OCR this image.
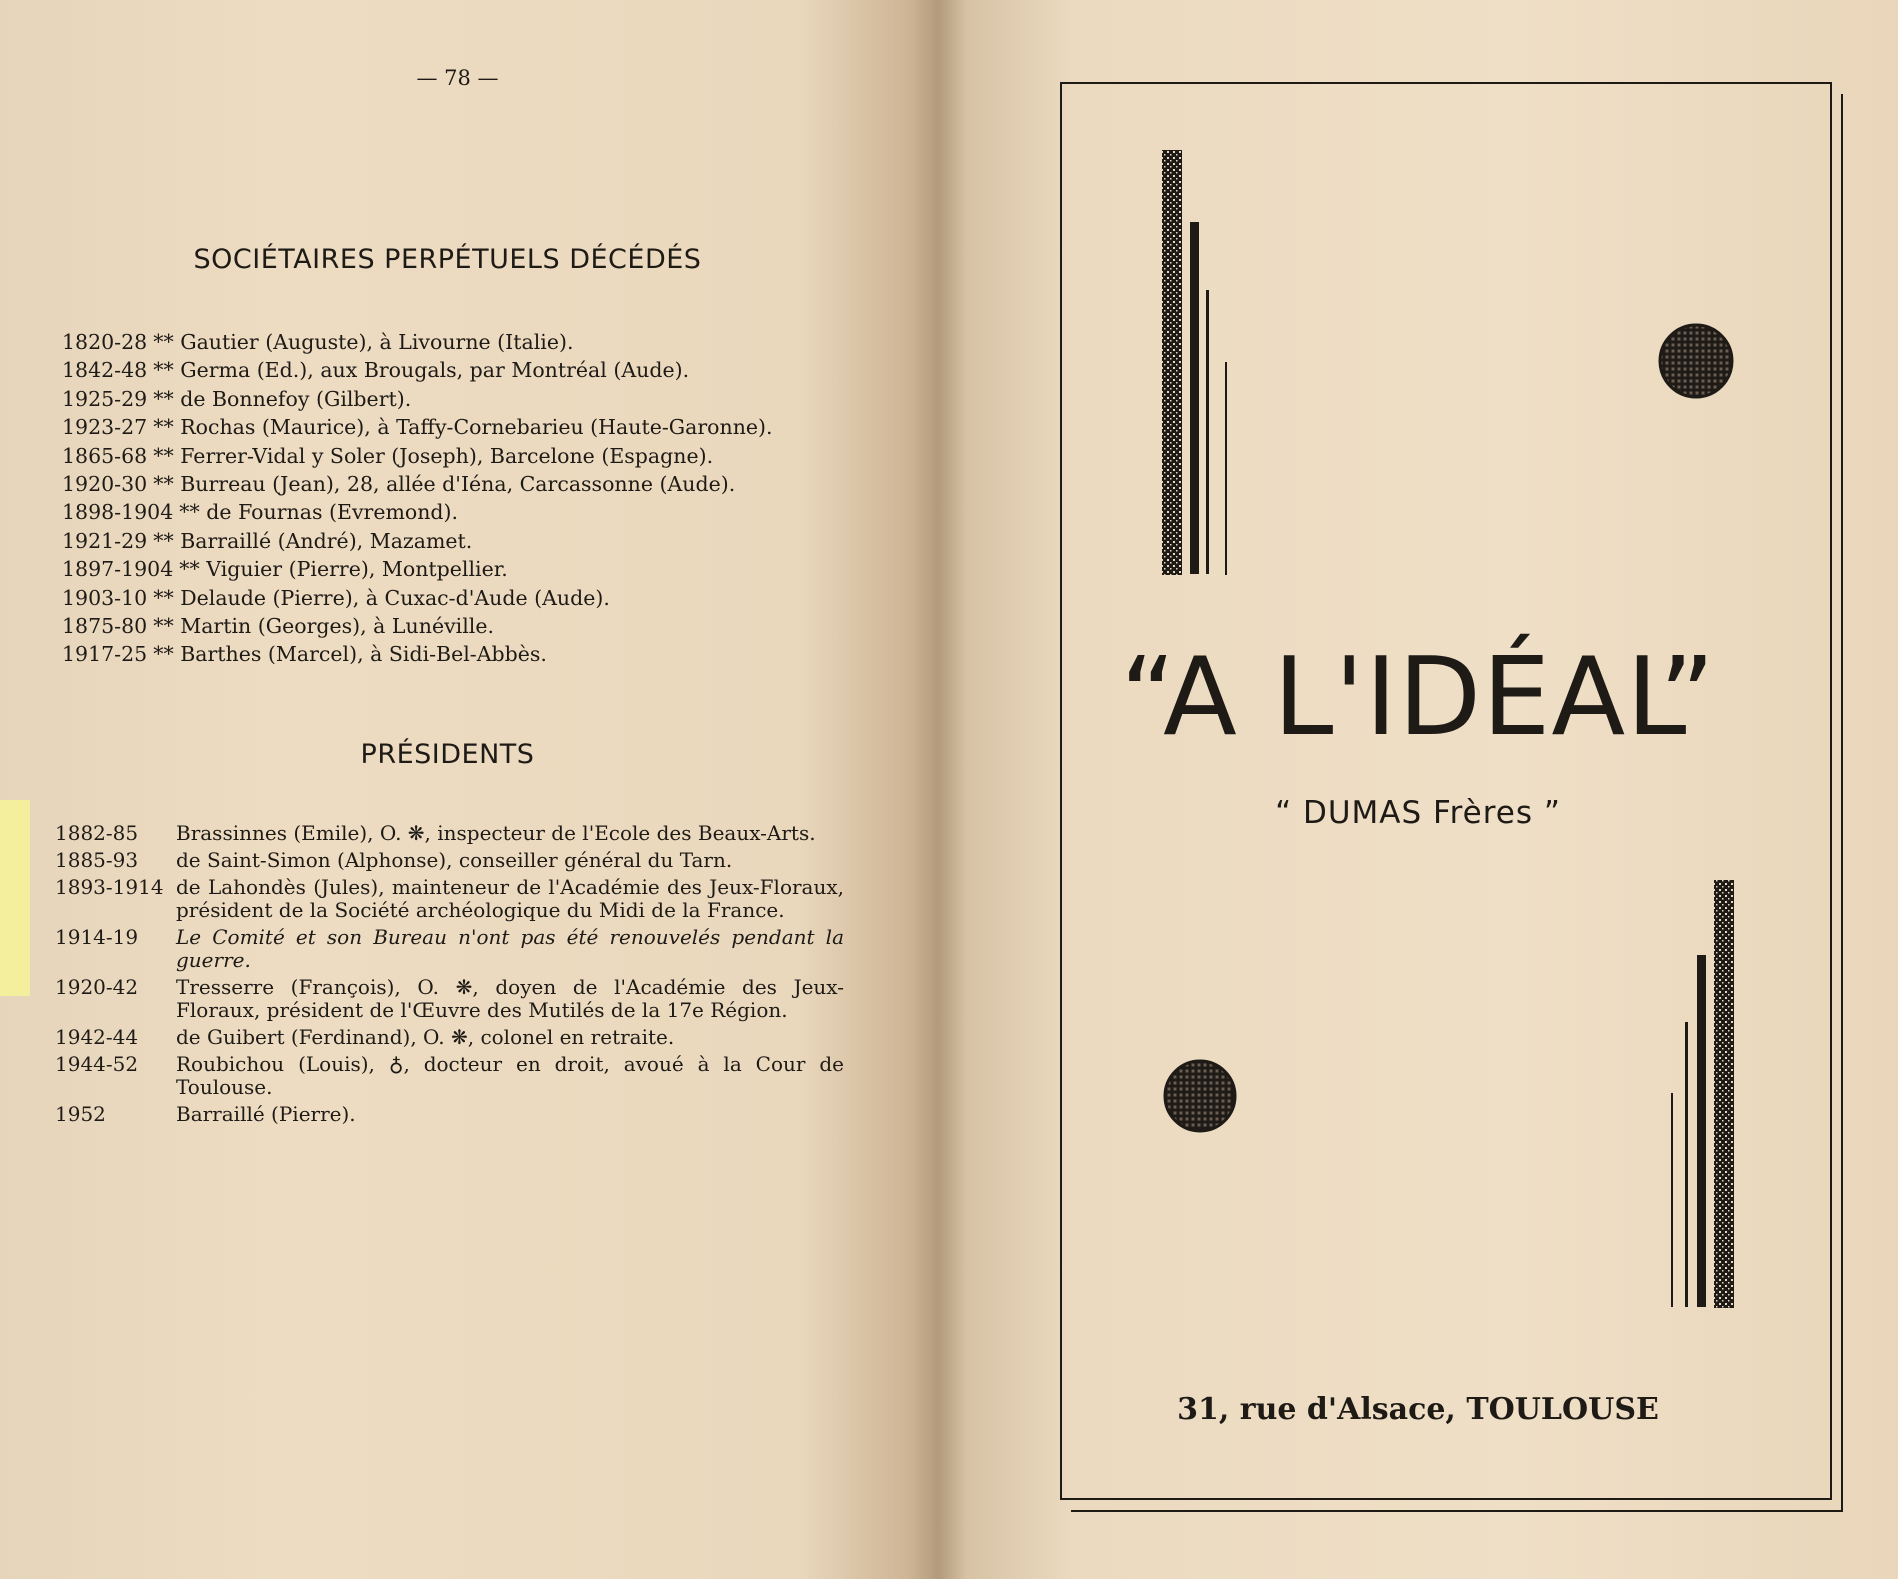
— 78 —
SOCIÉTAIRES PERPÉTUELS DÉCÉDÉS
1820-28 ** Gautier (Auguste), à Livourne (Italie).
1842-48 ** Germa (Ed.), aux Brougals, par Montréal (Aude).
1925-29 ** de Bonnefoy (Gilbert).
1923-27 ** Rochas (Maurice), à Taffy-Cornebarieu (Haute-Garonne).
1865-68 ** Ferrer-Vidal y Soler (Joseph), Barcelone (Espagne).
1920-30 ** Burreau (Jean), 28, allée d'Iéna, Carcassonne (Aude).
1898-1904 ** de Fournas (Evremond).
1921-29 ** Barraillé (André), Mazamet.
1897-1904 ** Viguier (Pierre), Montpellier.
1903-10 ** Delaude (Pierre), à Cuxac-d'Aude (Aude).
1875-80 ** Martin (Georges), à Lunéville.
1917-25 ** Barthes (Marcel), à Sidi-Bel-Abbès.
PRÉSIDENTS
1882-85	Brassinnes (Emile), O. ❋, inspecteur de l'Ecole des Beaux-Arts.
1885-93	de Saint-Simon (Alphonse), conseiller général du Tarn.
1893-1914 de Lahondès (Jules), mainteneur de l'Académie des Jeux-Floraux, président de la Société archéologique du Midi de la France.
1914-19	Le Comité et son Bureau n'ont pas été renouvelés pendant la guerre.
1920-42	Tresserre (François), O. ❋, doyen de l'Académie des Jeux-Floraux, président de l'Œuvre des Mutilés de la 17e Région.
1942-44	de Guibert (Ferdinand), O. ❋, colonel en retraite.
1944-52	Roubichou (Louis), ♁, docteur en droit, avoué à la Cour de Toulouse.
1952	Barraillé (Pierre).
“A L'IDÉAL”
“ DUMAS Frères ”
31, rue d'Alsace, TOULOUSE
